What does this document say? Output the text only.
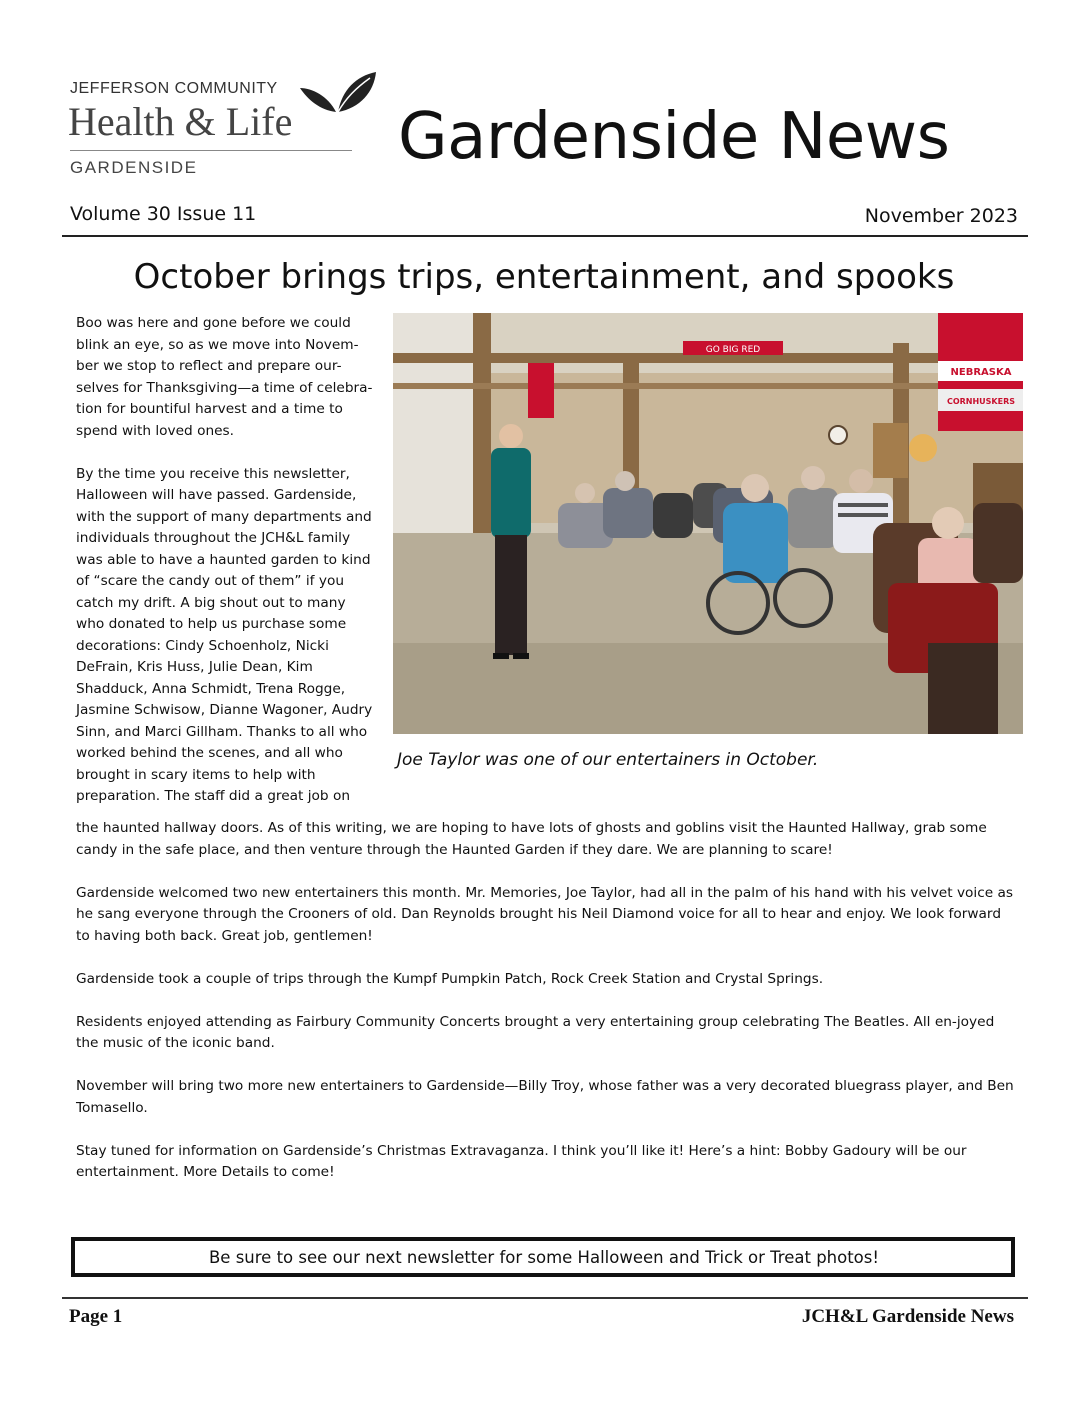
JEFFERSON COMMUNITY
Health & Life
GARDENSIDE	Gardenside News
Volume 30 Issue 11	November 2023
October brings trips, entertainment, and spooks

Boo was here and gone before we could blink an eye, so as we move into Novem-ber we stop to reflect and prepare our-selves for Thanksgiving—a time of celebra-tion for bountiful harvest and a time to spend with loved ones.

By the time you receive this newsletter, Halloween will have passed. Gardenside, with the support of many departments and individuals throughout the JCH&L family was able to have a haunted garden to kind of “scare the candy out of them” if you catch my drift. A big shout out to many who donated to help us purchase some decorations: Cindy Schoenholz, Nicki DeFrain, Kris Huss, Julie Dean, Kim Shadduck, Anna Schmidt, Trena Rogge, Jasmine Schwisow, Dianne Wagoner, Audry Sinn, and Marci Gillham. Thanks to all who worked behind the scenes, and all who brought in scary items to help with preparation. The staff did a great job on

GO BIG RED
NEBRASKA
CORNHUSKERS
Joe Taylor was one of our entertainers in October.

the haunted hallway doors. As of this writing, we are hoping to have lots of ghosts and goblins visit the Haunted Hallway, grab some candy in the safe place, and then venture through the Haunted Garden if they dare. We are planning to scare!

Gardenside welcomed two new entertainers this month. Mr. Memories, Joe Taylor, had all in the palm of his hand with his velvet voice as he sang everyone through the Crooners of old. Dan Reynolds brought his Neil Diamond voice for all to hear and enjoy. We look forward to having both back. Great job, gentlemen!

Gardenside took a couple of trips through the Kumpf Pumpkin Patch, Rock Creek Station and Crystal Springs.

Residents enjoyed attending as Fairbury Community Concerts brought a very entertaining group celebrating The Beatles. All en-joyed the music of the iconic band.

November will bring two more new entertainers to Gardenside—Billy Troy, whose father was a very decorated bluegrass player, and Ben Tomasello.

Stay tuned for information on Gardenside’s Christmas Extravaganza. I think you’ll like it! Here’s a hint: Bobby Gadoury will be our entertainment. More Details to come!

Be sure to see our next newsletter for some Halloween and Trick or Treat photos!
Page 1	JCH&L Gardenside News
